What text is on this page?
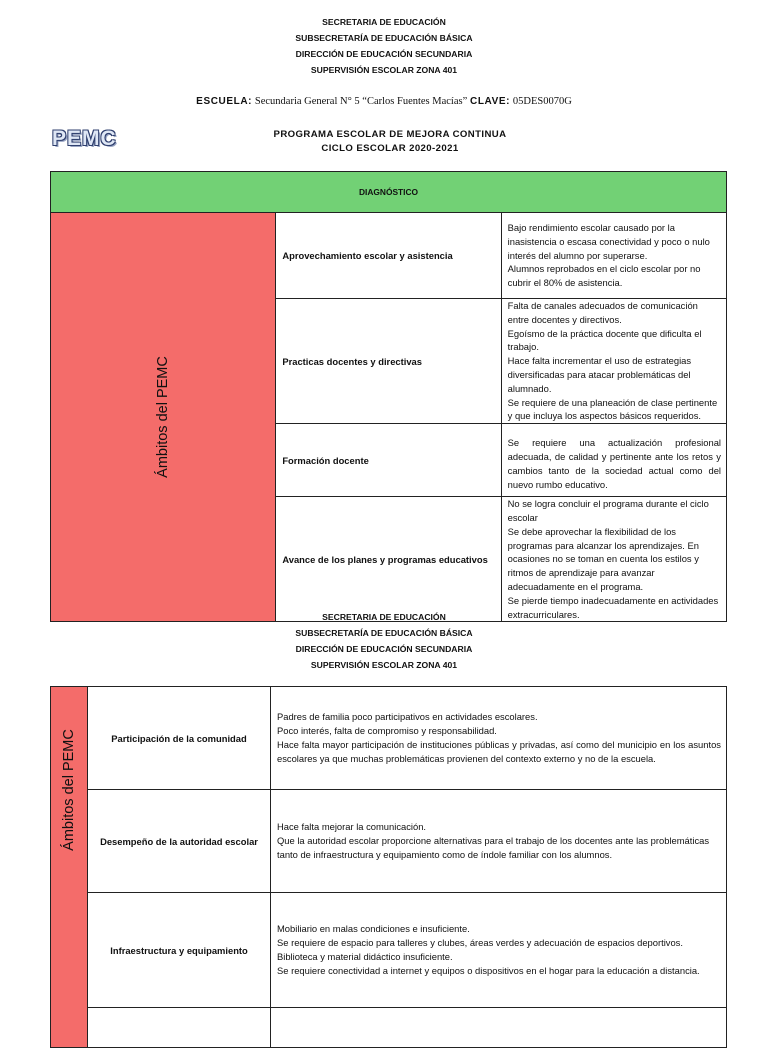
SECRETARIA DE EDUCACIÓN
SUBSECRETARÍA DE EDUCACIÓN BÁSICA
DIRECCIÓN DE EDUCACIÓN SECUNDARIA
SUPERVISIÓN ESCOLAR ZONA 401
ESCUELA: Secundaria General N° 5 “Carlos Fuentes Macías” CLAVE: 05DES0070G
PEMC	PROGRAMA ESCOLAR DE MEJORA CONTINUA
CICLO ESCOLAR 2020-2021
DIAGNÓSTICO		

Ámbitos del PEMC	Aprovechamiento escolar y asistencia	Bajo rendimiento escolar causado por la inasistencia o escasa conectividad y poco o nulo interés del alumno por superarse.
Alumnos reprobados en el ciclo escolar por no cubrir el 80% de asistencia.

	Practicas docentes y directivas	Falta de canales adecuados de comunicación entre docentes y directivos.
Egoísmo de la práctica docente que dificulta el trabajo.
Hace falta incrementar el uso de estrategias diversificadas para atacar problemáticas del alumnado.
Se requiere de una planeación de clase pertinente y que incluya los aspectos básicos requeridos.

	Formación docente	Se requiere una actualización profesional adecuada, de calidad y pertinente ante los retos y cambios tanto de la sociedad actual como del nuevo rumbo educativo.

	Avance de los planes y programas educativos	No se logra concluir el programa durante el ciclo escolar
Se debe aprovechar la flexibilidad de los programas para alcanzar los aprendizajes. En ocasiones no se toman en cuenta los estilos y ritmos de aprendizaje para avanzar adecuadamente en el programa.
Se pierde tiempo inadecuadamente en actividades extracurriculares.
SECRETARIA DE EDUCACIÓN
SUBSECRETARÍA DE EDUCACIÓN BÁSICA
DIRECCIÓN DE EDUCACIÓN SECUNDARIA
SUPERVISIÓN ESCOLAR ZONA 401
Ámbitos del PEMC	Participación de la comunidad	Padres de familia poco participativos en actividades escolares.
Poco interés, falta de compromiso y responsabilidad.
Hace falta mayor participación de instituciones públicas y privadas, así como del municipio en los asuntos escolares ya que muchas problemáticas provienen del contexto externo y no de la escuela.

	Desempeño de la autoridad escolar	Hace falta mejorar la comunicación.
Que la autoridad escolar proporcione alternativas para el trabajo de los docentes ante las problemáticas tanto de infraestructura y equipamiento como de índole familiar con los alumnos.

	Infraestructura y equipamiento	Mobiliario en malas condiciones e insuficiente.
Se requiere de espacio para talleres y clubes, áreas verdes y adecuación de espacios deportivos.
Biblioteca y material didáctico insuficiente.
Se requiere conectividad a internet y equipos o dispositivos en el hogar para la educación a distancia.
